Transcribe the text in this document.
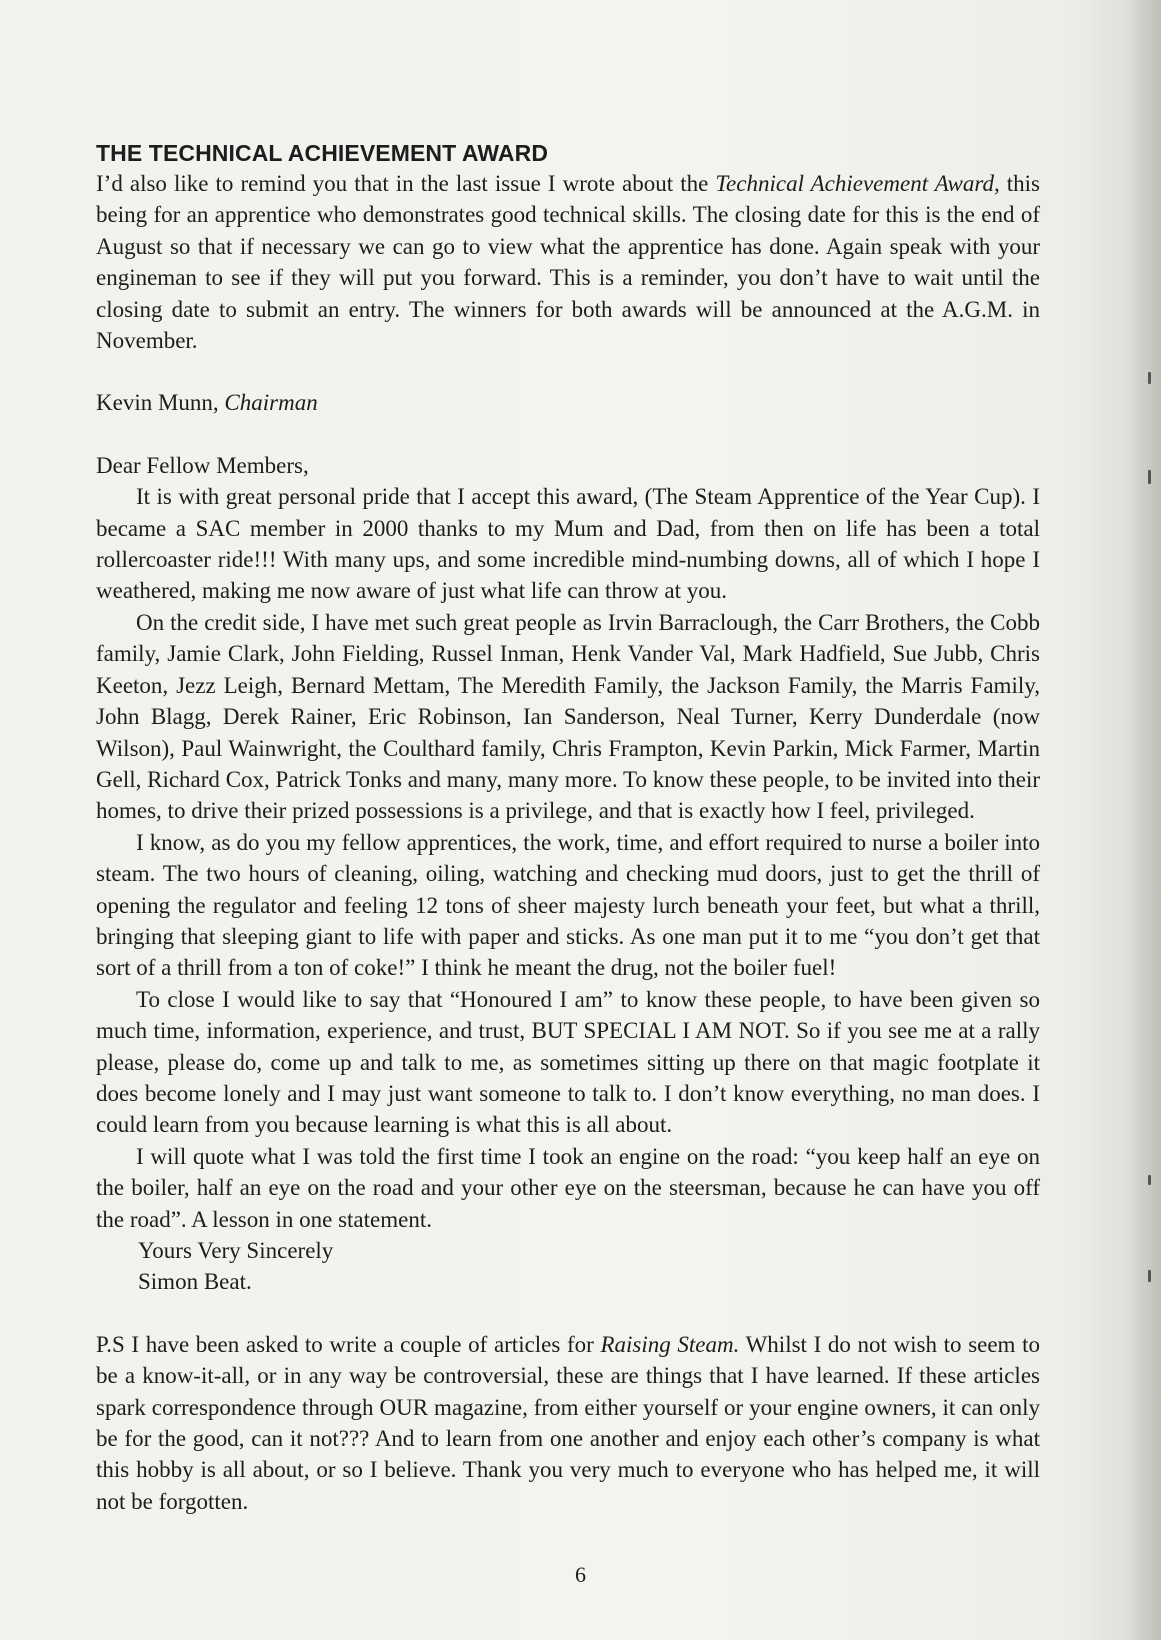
THE TECHNICAL ACHIEVEMENT AWARD

I’d also like to remind you that in the last issue I wrote about the Technical Achievement Award, this being for an apprentice who demonstrates good technical skills. The closing date for this is the end of August so that if necessary we can go to view what the apprentice has done. Again speak with your engineman to see if they will put you forward. This is a reminder, you don’t have to wait until the closing date to submit an entry. The winners for both awards will be announced at the A.G.M. in November.

Kevin Munn, Chairman

Dear Fellow Members,

It is with great personal pride that I accept this award, (The Steam Apprentice of the Year Cup). I became a SAC member in 2000 thanks to my Mum and Dad, from then on life has been a total rollercoaster ride!!! With many ups, and some incredible mind-numbing downs, all of which I hope I weathered, making me now aware of just what life can throw at you.

On the credit side, I have met such great people as Irvin Barraclough, the Carr Brothers, the Cobb family, Jamie Clark, John Fielding, Russel Inman, Henk Vander Val, Mark Hadfield, Sue Jubb, Chris Keeton, Jezz Leigh, Bernard Mettam, The Meredith Family, the Jackson Family, the Marris Family, John Blagg, Derek Rainer, Eric Robinson, Ian Sanderson, Neal Turner, Kerry Dunderdale (now Wilson), Paul Wainwright, the Coulthard family, Chris Frampton, Kevin Parkin, Mick Farmer, Martin Gell, Richard Cox, Patrick Tonks and many, many more. To know these people, to be invited into their homes, to drive their prized possessions is a privilege, and that is exactly how I feel, privileged.

I know, as do you my fellow apprentices, the work, time, and effort required to nurse a boiler into steam. The two hours of cleaning, oiling, watching and checking mud doors, just to get the thrill of opening the regulator and feeling 12 tons of sheer majesty lurch beneath your feet, but what a thrill, bringing that sleeping giant to life with paper and sticks. As one man put it to me “you don’t get that sort of a thrill from a ton of coke!” I think he meant the drug, not the boiler fuel!

To close I would like to say that “Honoured I am” to know these people, to have been given so much time, information, experience, and trust, BUT SPECIAL I AM NOT. So if you see me at a rally please, please do, come up and talk to me, as sometimes sitting up there on that magic footplate it does become lonely and I may just want someone to talk to. I don’t know everything, no man does. I could learn from you because learning is what this is all about.

I will quote what I was told the first time I took an engine on the road: “you keep half an eye on the boiler, half an eye on the road and your other eye on the steersman, because he can have you off the road”. A lesson in one statement.

Yours Very Sincerely

Simon Beat.

P.S I have been asked to write a couple of articles for Raising Steam. Whilst I do not wish to seem to be a know-it-all, or in any way be controversial, these are things that I have learned. If these articles spark correspondence through OUR magazine, from either yourself or your engine owners, it can only be for the good, can it not??? And to learn from one another and enjoy each other’s company is what this hobby is all about, or so I believe. Thank you very much to everyone who has helped me, it will not be forgotten.

6
